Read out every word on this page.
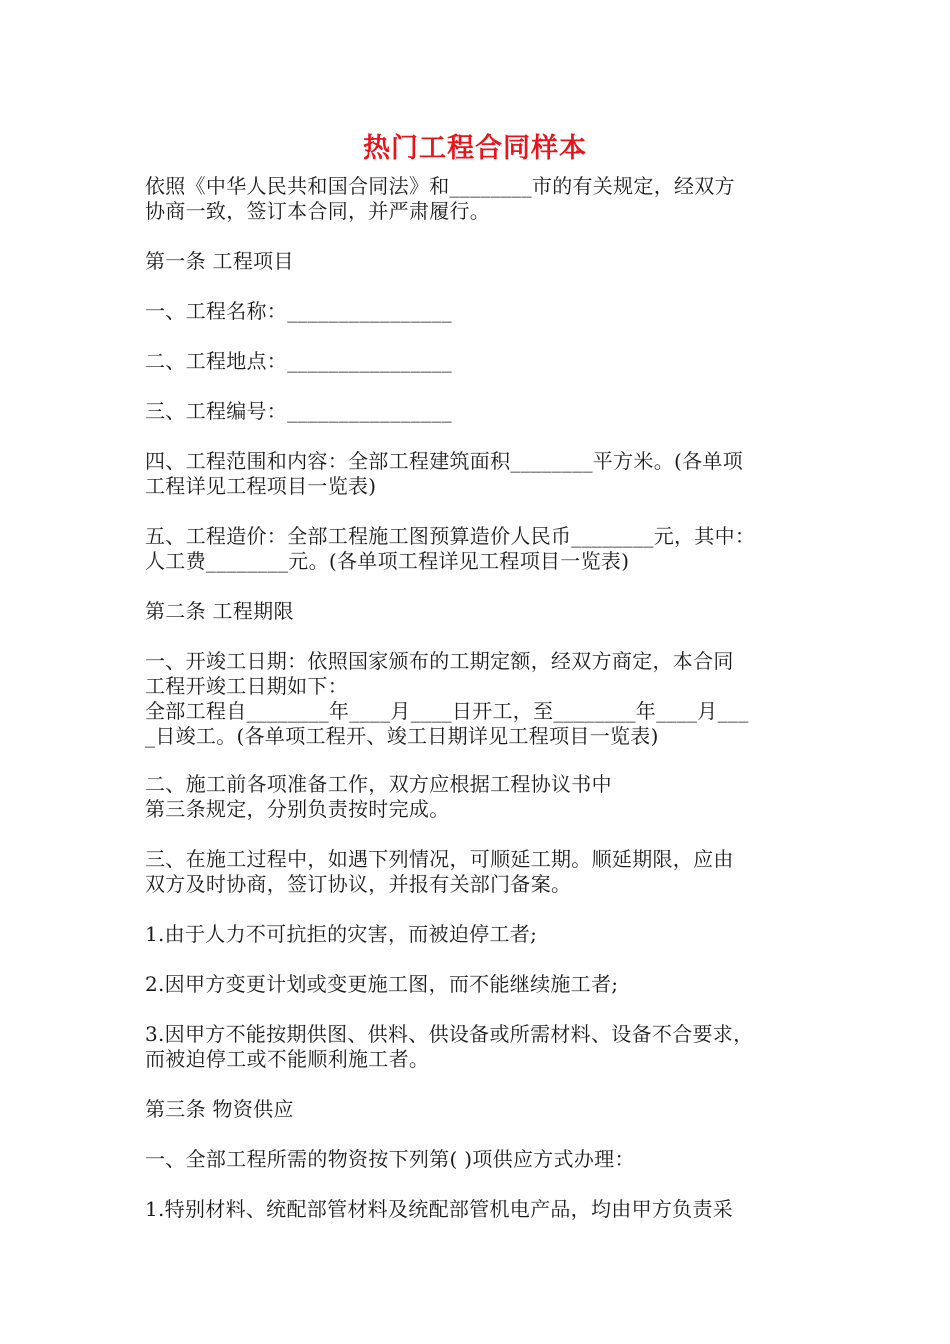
热门工程合同样本
依照《中华人民共和国合同法》和________市的有关规定，经双方
协商一致，签订本合同，并严肃履行。
第一条 工程项目
一、工程名称：________________
二、工程地点：________________
三、工程编号：________________
四、工程范围和内容：全部工程建筑面积________平方米。(各单项
工程详见工程项目一览表)
五、工程造价：全部工程施工图预算造价人民币________元，其中：
人工费________元。(各单项工程详见工程项目一览表)
第二条 工程期限
一、开竣工日期：依照国家颁布的工期定额，经双方商定，本合同
工程开竣工日期如下：
全部工程自________年____月____日开工，至________年____月___
_日竣工。(各单项工程开、竣工日期详见工程项目一览表)
二、施工前各项准备工作，双方应根据工程协议书中
第三条规定，分别负责按时完成。
三、在施工过程中，如遇下列情况，可顺延工期。顺延期限，应由
双方及时协商，签订协议，并报有关部门备案。
1.由于人力不可抗拒的灾害，而被迫停工者;
2.因甲方变更计划或变更施工图，而不能继续施工者;
3.因甲方不能按期供图、供料、供设备或所需材料、设备不合要求，
而被迫停工或不能顺利施工者。
第三条 物资供应
一、全部工程所需的物资按下列第( )项供应方式办理：
1.特别材料、统配部管材料及统配部管机电产品，均由甲方负责采
